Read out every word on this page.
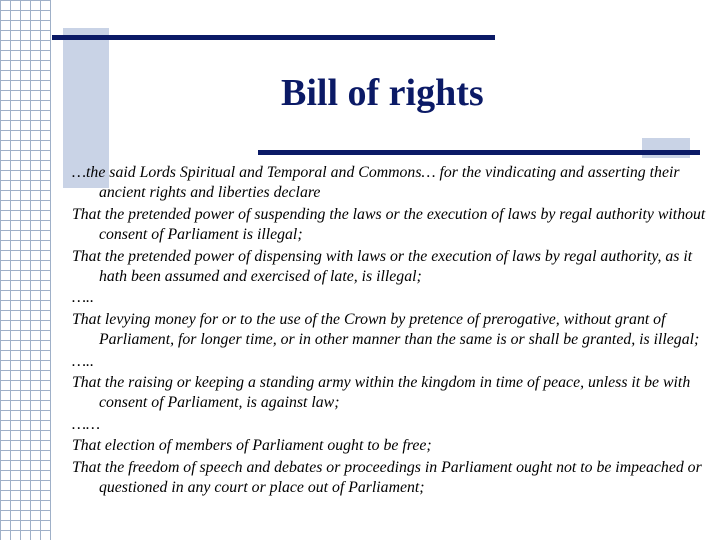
Bill of rights
…the said Lords Spiritual and Temporal and Commons… for the vindicating and asserting their ancient rights and liberties declare
That the pretended power of suspending the laws or the execution of laws by regal authority without consent of Parliament is illegal;
That the pretended power of dispensing with laws or the execution of laws by regal authority, as it hath been assumed and exercised of late, is illegal;
…..
That levying money for or to the use of the Crown by pretence of prerogative, without grant of Parliament, for longer time, or in other manner than the same is or shall be granted, is illegal;
…..
That the raising or keeping a standing army within the kingdom in time of peace, unless it be with consent of Parliament, is against law;
……
That election of members of Parliament ought to be free;
That the freedom of speech and debates or proceedings in Parliament ought not to be impeached or questioned in any court or place out of Parliament;
